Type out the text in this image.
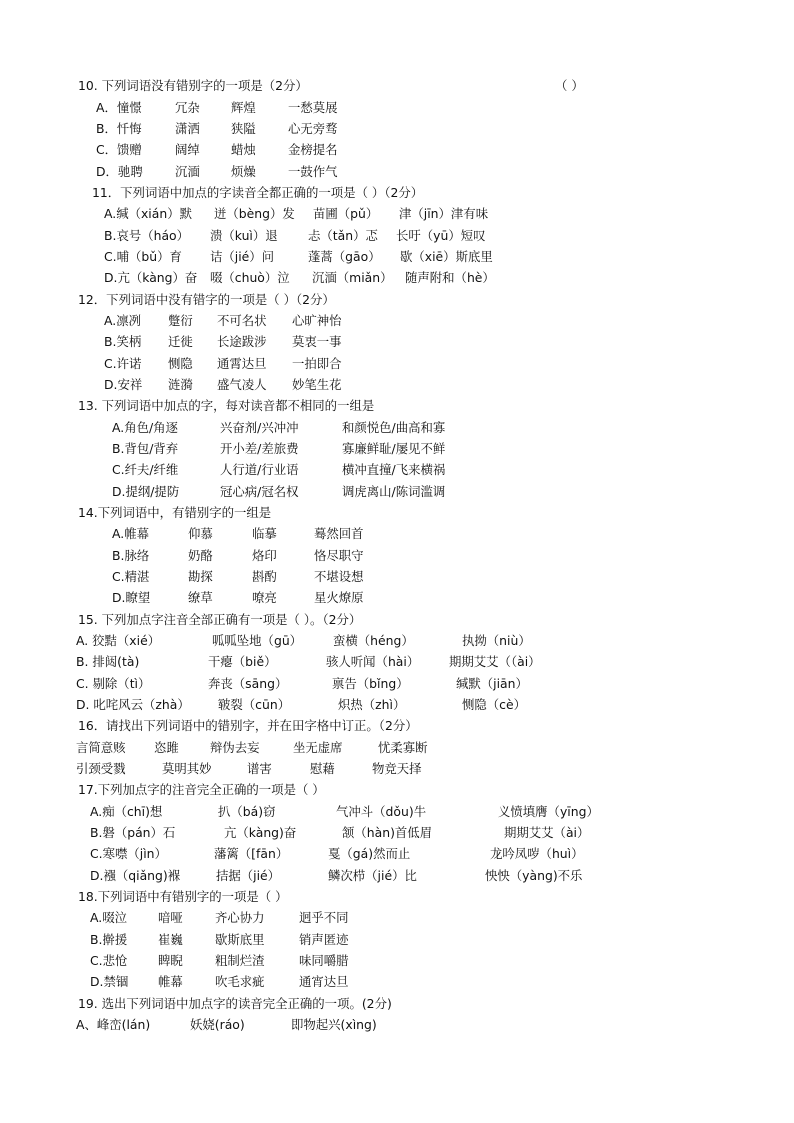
10. 下列词语没有错别字的一项是（2分）	（ ）
A．憧憬	冗杂	辉煌	一愁莫展
B．忏悔	潇洒	狭隘	心无旁骛
C．馈赠	阔绰	蜡烛	金榜提名
D．驰聘	沉湎	烦燥	一鼓作气
11．下列词语中加点的字读音全都正确的一项是（ ）（2分）
A.缄（xián）默 迸（bèng）发 苗圃（pǔ） 津（jīn）津有味
B.哀号（háo） 溃（kuì）退 忐（tǎn）忑 长吁（yū）短叹
C.哺（bǔ）育 诘（jié）问	蓬蒿（gāo） 歇（xiē）斯底里
D.亢（kàng）奋 啜（chuò）泣 沉湎（miǎn） 随声附和（hè）
12．下列词语中没有错字的一项是（ ）（2分）
A.凛冽 蹩衍 不可名状 心旷神怡
B.笑柄 迁徙 长途跋涉 莫衷一事
C.许诺 恻隐 通霄达旦 一拍即合
D.安祥 涟漪 盛气凌人 妙笔生花
13. 下列词语中加点的字，每对读音都不相同的一组是
A.角色/角逐	兴奋剂/兴冲冲	和颜悦色/曲高和寡
B.背包/背弃	开小差/差旅费	寡廉鲜耻/屡见不鲜
C.纤夫/纤维	人行道/行业语	横冲直撞/飞来横祸
D.提纲/提防	冠心病/冠名权	调虎离山/陈词滥调
14.下列词语中，有错别字的一组是
A.帷幕	仰慕	临摹	蓦然回首
B.脉络	奶酪	烙印	恪尽职守
C.精湛	勘探	斟酌	不堪设想
D.瞭望	缭草	嘹亮	星火燎原
15. 下列加点字注音全部正确有一项是（ ）。（2分）
A. 狡黠（xié）	呱呱坠地（gū） 蛮横（héng）	执拗（niù）
B. 排闼(tà)	干瘪（biě）	骇人听闻（hài） 期期艾艾（（ài）
C. 剔除（tì）	奔丧（sāng）	禀告（bǐng）	缄默（jiān）
D. 叱咤风云（zhà） 皲裂（cūn）	炽热（zhì）	恻隐（cè）
16．请找出下列词语中的错别字，并在田字格中订正。（2分）
言简意赅 恣雎	辩伪去妄	坐无虚席	忧柔寡断
引颈受戮	莫明其妙	谱害	慰藉	物竞天择
17.下列加点字的注音完全正确的一项是（ ）
A.痴（chī)想	扒（bá)窃	气冲斗（dǒu)牛	义愤填膺（yīng）
B.磐（pán）石	亢（kàng)奋	颔（hàn)首低眉	期期艾艾（ài）
C.寒噤（jìn）	藩篱（[fān）	戛（gá)然而止	龙吟凤哕（huì）
D.襁（qiǎng)褓	拮据（jié）	鳞次栉（jié）比	怏怏（yàng)不乐
18.下列词语中有错别字的一项是（ ）
A.啜泣	喑哑	齐心协力	迥乎不同
B.擀援 崔巍	歇斯底里	销声匿迹
C.悲怆 睥睨	粗制烂渣	味同嚼腊
D.禁锢 帷幕	吹毛求疵	通宵达旦
19. 选出下列词语中加点字的读音完全正确的一项。(2分)
A、峰峦(lán)	妖娆(ráo)	即物起兴(xìng)
